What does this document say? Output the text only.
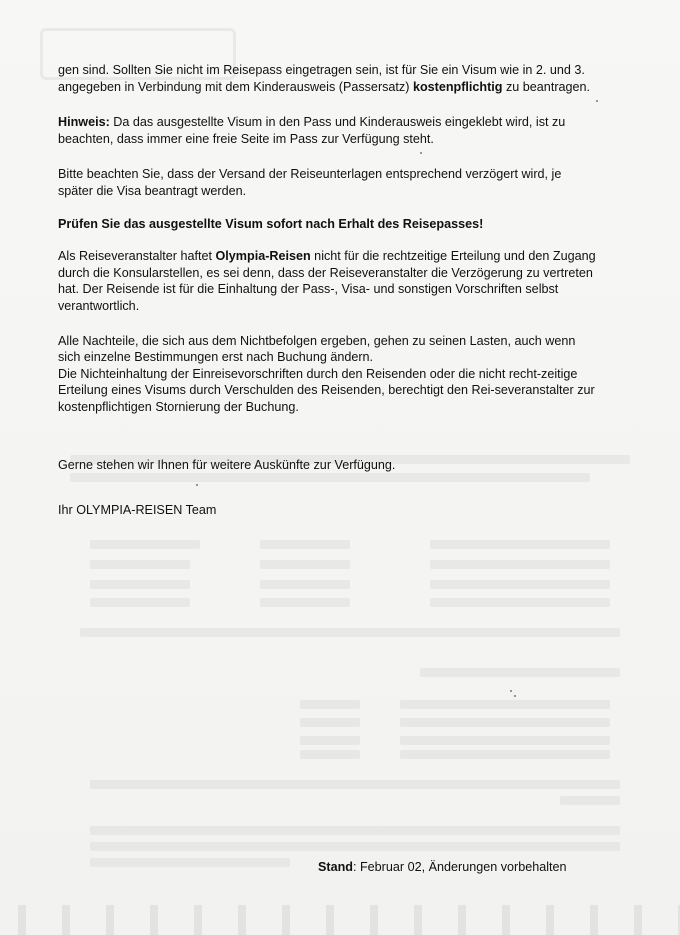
gen sind. Sollten Sie nicht im Reisepass eingetragen sein, ist für Sie ein Visum wie in 2. und 3. angegeben in Verbindung mit dem Kinderausweis (Passersatz) kostenpflichtig zu beantragen.

Hinweis: Da das ausgestellte Visum in den Pass und Kinderausweis eingeklebt wird, ist zu beachten, dass immer eine freie Seite im Pass zur Verfügung steht.

Bitte beachten Sie, dass der Versand der Reiseunterlagen entsprechend verzögert wird, je später die Visa beantragt werden.

Prüfen Sie das ausgestellte Visum sofort nach Erhalt des Reisepasses!

Als Reiseveranstalter haftet Olympia-Reisen nicht für die rechtzeitige Erteilung und den Zugang durch die Konsularstellen, es sei denn, dass der Reiseveranstalter die Verzögerung zu vertreten hat. Der Reisende ist für die Einhaltung der Pass-, Visa- und sonstigen Vorschriften selbst verantwortlich.

Alle Nachteile, die sich aus dem Nichtbefolgen ergeben, gehen zu seinen Lasten, auch wenn sich einzelne Bestimmungen erst nach Buchung ändern.
Die Nichteinhaltung der Einreisevorschriften durch den Reisenden oder die nicht recht-zeitige Erteilung eines Visums durch Verschulden des Reisenden, berechtigt den Rei-severanstalter zur kostenpflichtigen Stornierung der Buchung.

Gerne stehen wir Ihnen für weitere Auskünfte zur Verfügung.
Ihr OLYMPIA-REISEN Team
Stand: Februar 02, Änderungen vorbehalten
